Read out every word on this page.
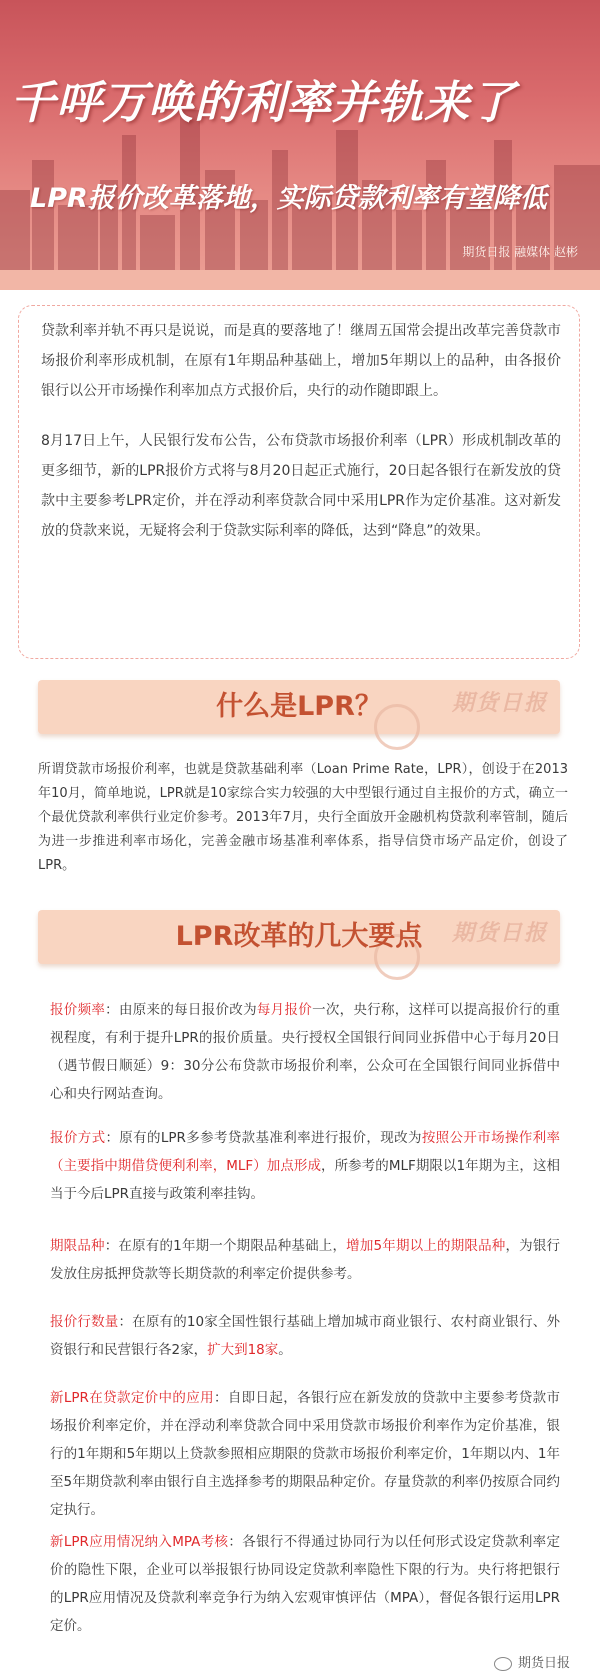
千呼万唤的利率并轨来了
LPR报价改革落地，实际贷款利率有望降低
期货日报 融媒体 赵彬

贷款利率并轨不再只是说说，而是真的要落地了！继周五国常会提出改革完善贷款市场报价利率形成机制，在原有1年期品种基础上，增加5年期以上的品种，由各报价银行以公开市场操作利率加点方式报价后，央行的动作随即跟上。

8月17日上午，人民银行发布公告，公布贷款市场报价利率（LPR）形成机制改革的更多细节，新的LPR报价方式将与8月20日起正式施行，20日起各银行在新发放的贷款中主要参考LPR定价，并在浮动利率贷款合同中采用LPR作为定价基准。这对新发放的贷款来说，无疑将会利于贷款实际利率的降低，达到“降息”的效果。

期货日报
什么是LPR？
所谓贷款市场报价利率，也就是贷款基础利率（Loan Prime Rate，LPR），创设于在2013年10月，简单地说，LPR就是10家综合实力较强的大中型银行通过自主报价的方式，确立一个最优贷款利率供行业定价参考。2013年7月，央行全面放开金融机构贷款利率管制，随后为进一步推进利率市场化，完善金融市场基准利率体系，指导信贷市场产品定价，创设了LPR。
期货日报
LPR改革的几大要点
报价频率：由原来的每日报价改为每月报价一次，央行称，这样可以提高报价行的重视程度，有利于提升LPR的报价质量。央行授权全国银行间同业拆借中心于每月20日（遇节假日顺延）9：30分公布贷款市场报价利率，公众可在全国银行间同业拆借中心和央行网站查询。
报价方式：原有的LPR多参考贷款基准利率进行报价，现改为按照公开市场操作利率（主要指中期借贷便利利率，MLF）加点形成，所参考的MLF期限以1年期为主，这相当于今后LPR直接与政策利率挂钩。
期限品种：在原有的1年期一个期限品种基础上，增加5年期以上的期限品种，为银行发放住房抵押贷款等长期贷款的利率定价提供参考。
报价行数量：在原有的10家全国性银行基础上增加城市商业银行、农村商业银行、外资银行和民营银行各2家，扩大到18家。
新LPR在贷款定价中的应用：自即日起，各银行应在新发放的贷款中主要参考贷款市场报价利率定价，并在浮动利率贷款合同中采用贷款市场报价利率作为定价基准，银行的1年期和5年期以上贷款参照相应期限的贷款市场报价利率定价，1年期以内、1年至5年期贷款利率由银行自主选择参考的期限品种定价。存量贷款的利率仍按原合同约定执行。
新LPR应用情况纳入MPA考核：各银行不得通过协同行为以任何形式设定贷款利率定价的隐性下限，企业可以举报银行协同设定贷款利率隐性下限的行为。央行将把银行的LPR应用情况及贷款利率竞争行为纳入宏观审慎评估（MPA），督促各银行运用LPR定价。
期货日报
